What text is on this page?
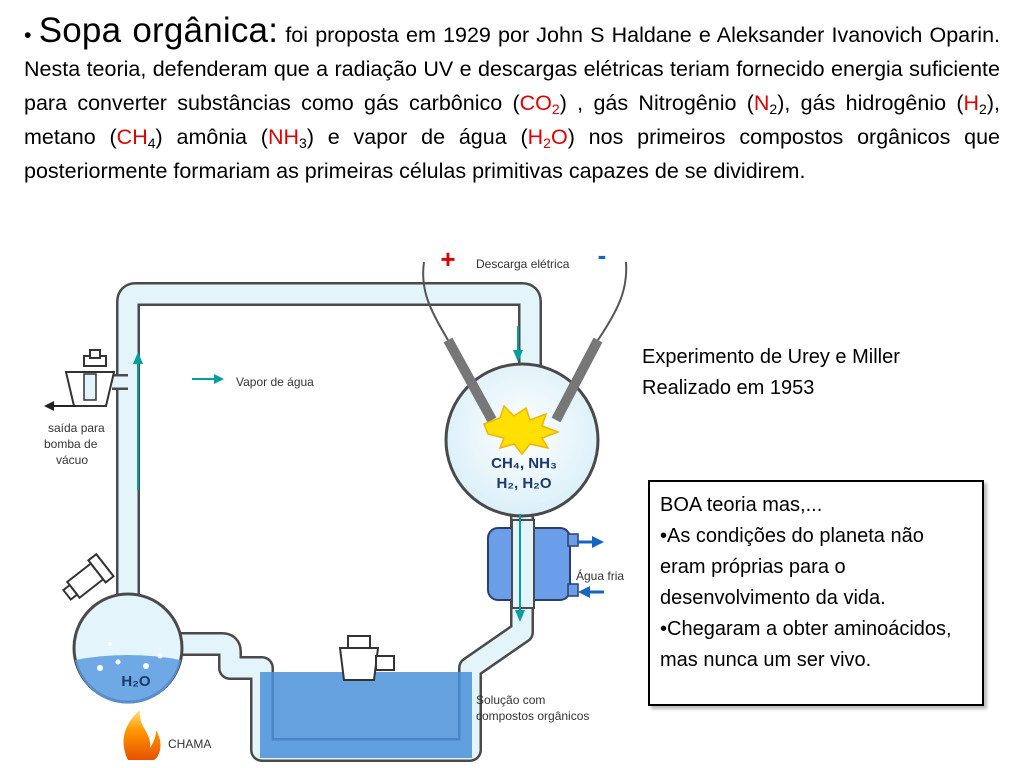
• Sopa orgânica: foi proposta em 1929 por John S Haldane e Aleksander Ivanovich Oparin. Nesta teoria, defenderam que a radiação UV e descargas elétricas teriam fornecido energia suficiente para converter substâncias como gás carbônico $(CO_2)$ , gás Nitrogênio $(N_2)$, gás hidrogênio $(H_2)$, metano $(CH_4)$ amônia $(NH_3)$ e vapor de água $(H_2O)$ nos primeiros compostos orgânicos que posteriormente formariam as primeiras células primitivas capazes de se dividirem.
CH₄, NH₃
H₂, H₂O
+	-
Descarga elétrica
Vapor de água
saída para
bomba de
vácuo
H₂O
CHAMA
Água fria
Solução com
compostos orgânicos
Experimento de Urey e Miller
Realizado em 1953
BOA teoria mas,...
•As condições do planeta não eram próprias para o desenvolvimento da vida.
•Chegaram a obter aminoácidos, mas nunca um ser vivo.
